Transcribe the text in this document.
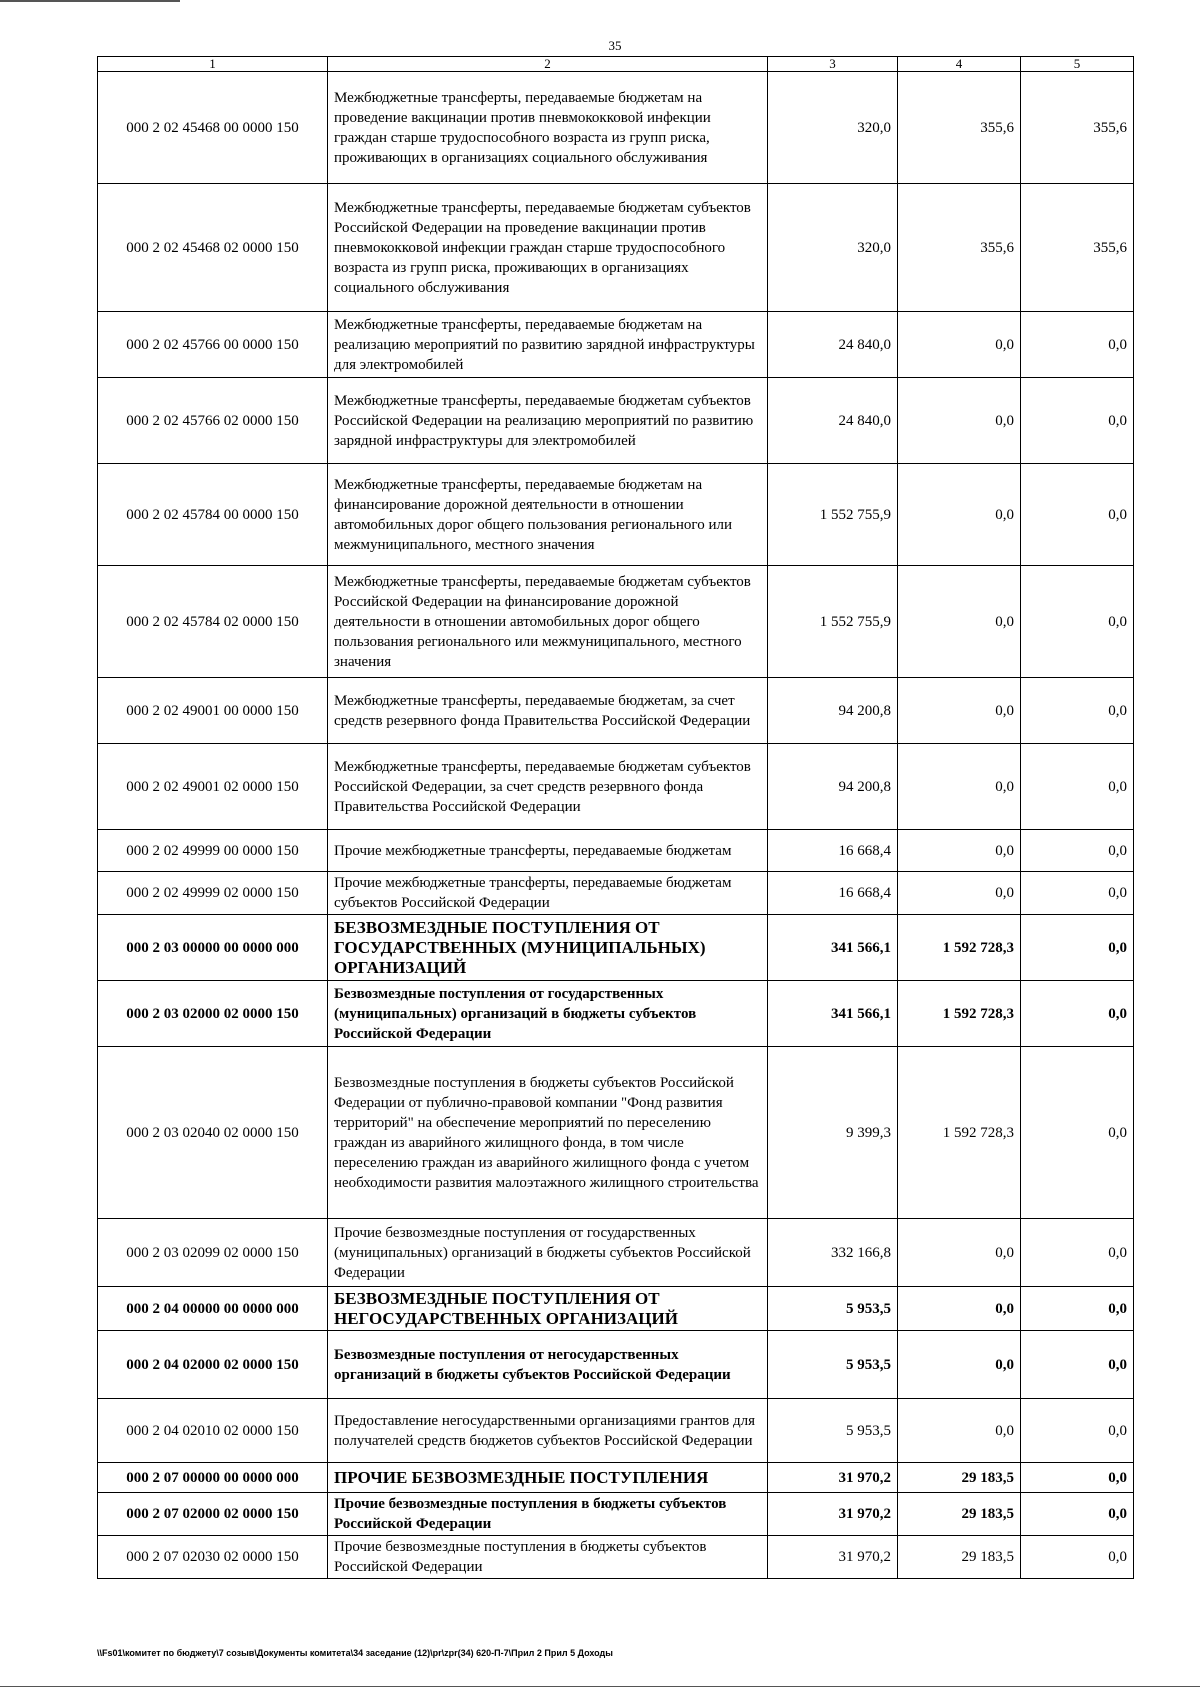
35
1	2	3	4	5
000 2 02 45468 00 0000 150	Межбюджетные трансферты, передаваемые бюджетам на проведение вакцинации против пневмококковой инфекции граждан старше трудоспособного возраста из групп риска, проживающих в организациях социального обслуживания	320,0	355,6	355,6
000 2 02 45468 02 0000 150	Межбюджетные трансферты, передаваемые бюджетам субъектов Российской Федерации на проведение вакцинации против пневмококковой инфекции граждан старше трудоспособного возраста из групп риска, проживающих в организациях социального обслуживания	320,0	355,6	355,6
000 2 02 45766 00 0000 150	Межбюджетные трансферты, передаваемые бюджетам на реализацию мероприятий по развитию зарядной инфраструктуры для электромобилей	24 840,0	0,0	0,0
000 2 02 45766 02 0000 150	Межбюджетные трансферты, передаваемые бюджетам субъектов Российской Федерации на реализацию мероприятий по развитию зарядной инфраструктуры для электромобилей	24 840,0	0,0	0,0
000 2 02 45784 00 0000 150	Межбюджетные трансферты, передаваемые бюджетам на финансирование дорожной деятельности в отношении автомобильных дорог общего пользования регионального или межмуниципального, местного значения	1 552 755,9	0,0	0,0
000 2 02 45784 02 0000 150	Межбюджетные трансферты, передаваемые бюджетам субъектов Российской Федерации на финансирование дорожной деятельности в отношении автомобильных дорог общего пользования регионального или межмуниципального, местного значения	1 552 755,9	0,0	0,0
000 2 02 49001 00 0000 150	Межбюджетные трансферты, передаваемые бюджетам, за счет средств резервного фонда Правительства Российской Федерации	94 200,8	0,0	0,0
000 2 02 49001 02 0000 150	Межбюджетные трансферты, передаваемые бюджетам субъектов Российской Федерации, за счет средств резервного фонда Правительства Российской Федерации	94 200,8	0,0	0,0
000 2 02 49999 00 0000 150	Прочие межбюджетные трансферты, передаваемые бюджетам	16 668,4	0,0	0,0
000 2 02 49999 02 0000 150	Прочие межбюджетные трансферты, передаваемые бюджетам субъектов Российской Федерации	16 668,4	0,0	0,0
000 2 03 00000 00 0000 000	БЕЗВОЗМЕЗДНЫЕ ПОСТУПЛЕНИЯ ОТ ГОСУДАРСТВЕННЫХ (МУНИЦИПАЛЬНЫХ) ОРГАНИЗАЦИЙ	341 566,1	1 592 728,3	0,0
000 2 03 02000 02 0000 150	Безвозмездные поступления от государственных (муниципальных) организаций в бюджеты субъектов Российской Федерации	341 566,1	1 592 728,3	0,0
000 2 03 02040 02 0000 150	Безвозмездные поступления в бюджеты субъектов Российской Федерации от публично-правовой компании "Фонд развития территорий" на обеспечение мероприятий по переселению граждан из аварийного жилищного фонда, в том числе переселению граждан из аварийного жилищного фонда с учетом необходимости развития малоэтажного жилищного строительства	9 399,3	1 592 728,3	0,0
000 2 03 02099 02 0000 150	Прочие безвозмездные поступления от государственных (муниципальных) организаций в бюджеты субъектов Российской Федерации	332 166,8	0,0	0,0
000 2 04 00000 00 0000 000	БЕЗВОЗМЕЗДНЫЕ ПОСТУПЛЕНИЯ ОТ НЕГОСУДАРСТВЕННЫХ ОРГАНИЗАЦИЙ	5 953,5	0,0	0,0
000 2 04 02000 02 0000 150	Безвозмездные поступления от негосударственных организаций в бюджеты субъектов Российской Федерации	5 953,5	0,0	0,0
000 2 04 02010 02 0000 150	Предоставление негосударственными организациями грантов для получателей средств бюджетов субъектов Российской Федерации	5 953,5	0,0	0,0
000 2 07 00000 00 0000 000	ПРОЧИЕ БЕЗВОЗМЕЗДНЫЕ ПОСТУПЛЕНИЯ	31 970,2	29 183,5	0,0
000 2 07 02000 02 0000 150	Прочие безвозмездные поступления в бюджеты субъектов Российской Федерации	31 970,2	29 183,5	0,0
000 2 07 02030 02 0000 150	Прочие безвозмездные поступления в бюджеты субъектов Российской Федерации	31 970,2	29 183,5	0,0
\\Fs01\комитет по бюджету\7 созыв\Документы комитета\34 заседание (12)\pr\zpr(34) 620-П-7\Прил 2 Прил 5 Доходы
